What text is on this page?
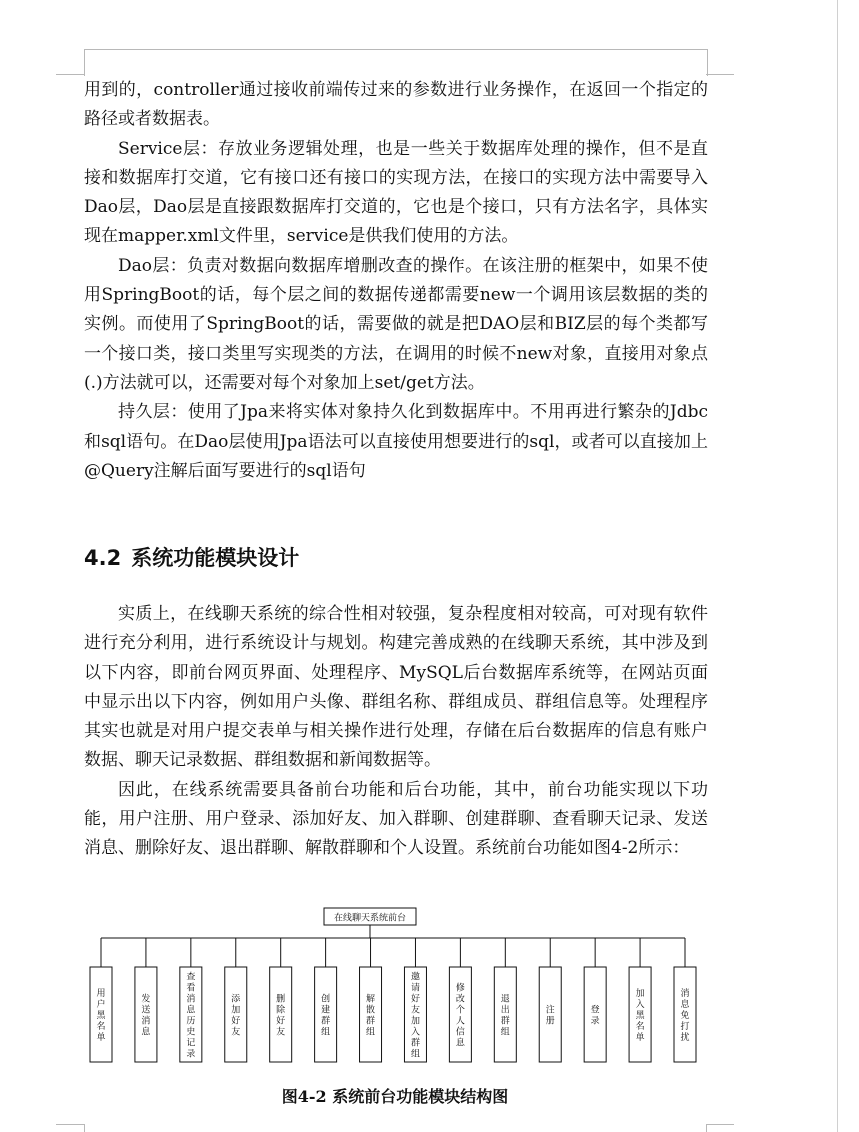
用到的，controller通过接收前端传过来的参数进行业务操作，在返回一个指定的路径或者数据表。

Service层：存放业务逻辑处理，也是一些关于数据库处理的操作，但不是直接和数据库打交道，它有接口还有接口的实现方法，在接口的实现方法中需要导入Dao层，Dao层是直接跟数据库打交道的，它也是个接口，只有方法名字，具体实现在mapper.xml文件里，service是供我们使用的方法。

Dao层：负责对数据向数据库增删改查的操作。在该注册的框架中，如果不使用SpringBoot的话，每个层之间的数据传递都需要new一个调用该层数据的类的实例。而使用了SpringBoot的话，需要做的就是把DAO层和BIZ层的每个类都写一个接口类，接口类里写实现类的方法，在调用的时候不new对象，直接用对象点(.)方法就可以，还需要对每个对象加上set/get方法。

持久层：使用了Jpa来将实体对象持久化到数据库中。不用再进行繁杂的Jdbc和sql语句。在Dao层使用Jpa语法可以直接使用想要进行的sql，或者可以直接加上@Query注解后面写要进行的sql语句

4.2 系统功能模块设计

实质上，在线聊天系统的综合性相对较强，复杂程度相对较高，可对现有软件进行充分利用，进行系统设计与规划。构建完善成熟的在线聊天系统，其中涉及到以下内容，即前台网页界面、处理程序、MySQL后台数据库系统等，在网站页面中显示出以下内容，例如用户头像、群组名称、群组成员、群组信息等。处理程序其实也就是对用户提交表单与相关操作进行处理，存储在后台数据库的信息有账户数据、聊天记录数据、群组数据和新闻数据等。

因此，在线系统需要具备前台功能和后台功能，其中，前台功能实现以下功能，用户注册、用户登录、添加好友、加入群聊、创建群聊、查看聊天记录、发送消息、删除好友、退出群聊、解散群聊和个人设置。系统前台功能如图4-2所示：

在线聊天系统前台
用户黑名单
发送消息
查看消息历史记录
添加好友
删除好友
创建群组
解散群组
邀请好友加入群组
修改个人信息
退出群组
注册
登录
加入黑名单
消息免打扰
图4-2 系统前台功能模块结构图
